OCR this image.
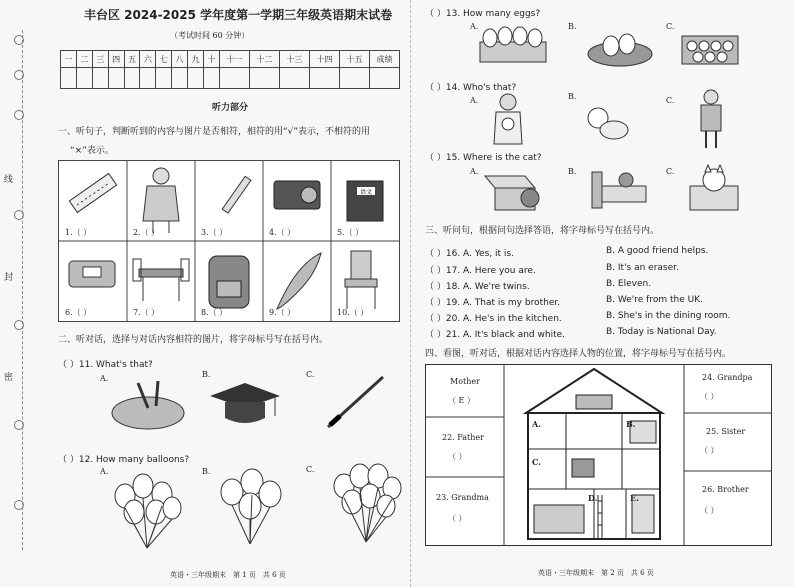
线
封
密
丰台区 2024-2025 学年度第一学期三年级英语期末试卷
（考试时间 60 分钟）
一	二	三	四	五	六	七	八	九	十	十一	十二	十三	十四	十五	成绩

听力部分
一、听句子，判断听到的内容与图片是否相符，相符的用“√”表示，不相符的用
“×”表示。
语文
1.（ ）	2.（ ）	3.（ ）	4.（ ）	5.（ ）
6.（ ）	7.（ ）	8.（ ）	9.（ ）	10.（ ）
二、听对话，选择与对话内容相符的图片，将字母标号写在括号内。
（ ）11. What's that?
A.	B.	C.
（ ）12. How many balloons?
A.	B.	C.
英语・三年级期末　第 1 页　共 6 页
（ ）13. How many eggs?
A.	B.	C.
（ ）14. Who's that?
A.	B.	C.
（ ）15. Where is the cat?
A.	B.	C.
三、听问句，根据问句选择答语，将字母标号写在括号内。
（ ）16. A. Yes, it is.	B. A good friend helps.
（ ）17. A. Here you are.	B. It's an eraser.
（ ）18. A. We're twins.	B. Eleven.
（ ）19. A. That is my brother.	B. We're from the UK.
（ ）20. A. He's in the kitchen.	B. She's in the dining room.
（ ）21. A. It's black and white.	B. Today is National Day.
四、看图，听对话，根据对话内容选择人物的位置，将字母标号写在括号内。
A.	B.
C.
D.	E.
Mother
（ E ）
22. Father
（ ）
23. Grandma
（ ）
24. Grandpa
（ ）
25. Sister
（ ）
26. Brother
（ ）
英语・三年级期末　第 2 页　共 6 页
